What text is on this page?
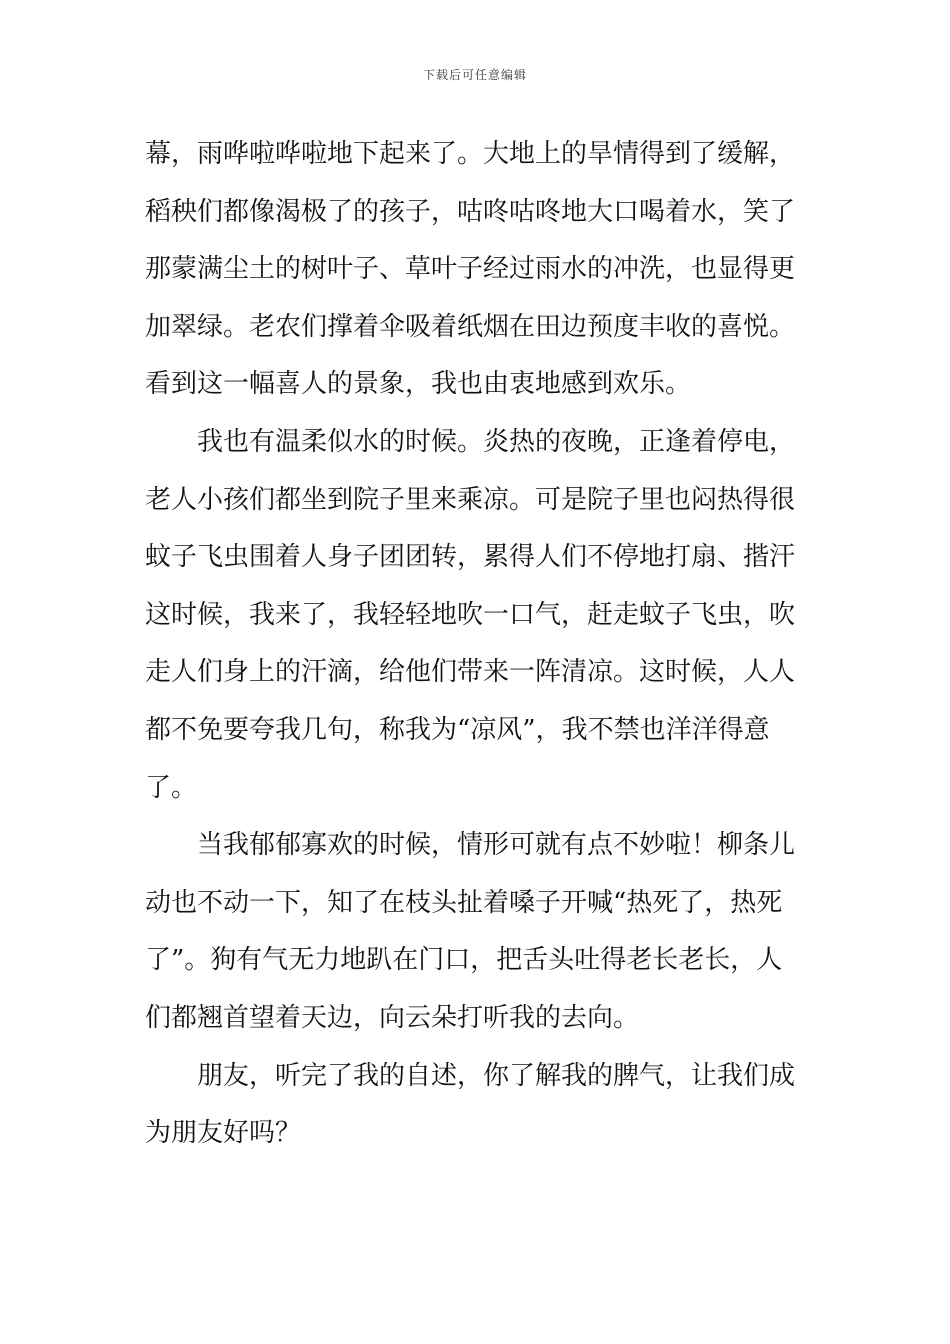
下载后可任意编辑
幕，雨哗啦哗啦地下起来了。大地上的旱情得到了缓解，
稻秧们都像渴极了的孩子，咕咚咕咚地大口喝着水，笑了
那蒙满尘土的树叶子、草叶子经过雨水的冲洗，也显得更
加翠绿。老农们撑着伞吸着纸烟在田边预度丰收的喜悦。
看到这一幅喜人的景象，我也由衷地感到欢乐。
我也有温柔似水的时候。炎热的夜晚，正逢着停电，
老人小孩们都坐到院子里来乘凉。可是院子里也闷热得很
蚊子飞虫围着人身子团团转，累得人们不停地打扇、揩汗
这时候，我来了，我轻轻地吹一口气，赶走蚊子飞虫，吹
走人们身上的汗滴，给他们带来一阵清凉。这时候，人人
都不免要夸我几句，称我为“凉风”，我不禁也洋洋得意
了。
当我郁郁寡欢的时候，情形可就有点不妙啦！柳条儿
动也不动一下，知了在枝头扯着嗓子开喊“热死了，热死
了”。狗有气无力地趴在门口，把舌头吐得老长老长，人
们都翘首望着天边，向云朵打听我的去向。
朋友，听完了我的自述，你了解我的脾气，让我们成
为朋友好吗？
